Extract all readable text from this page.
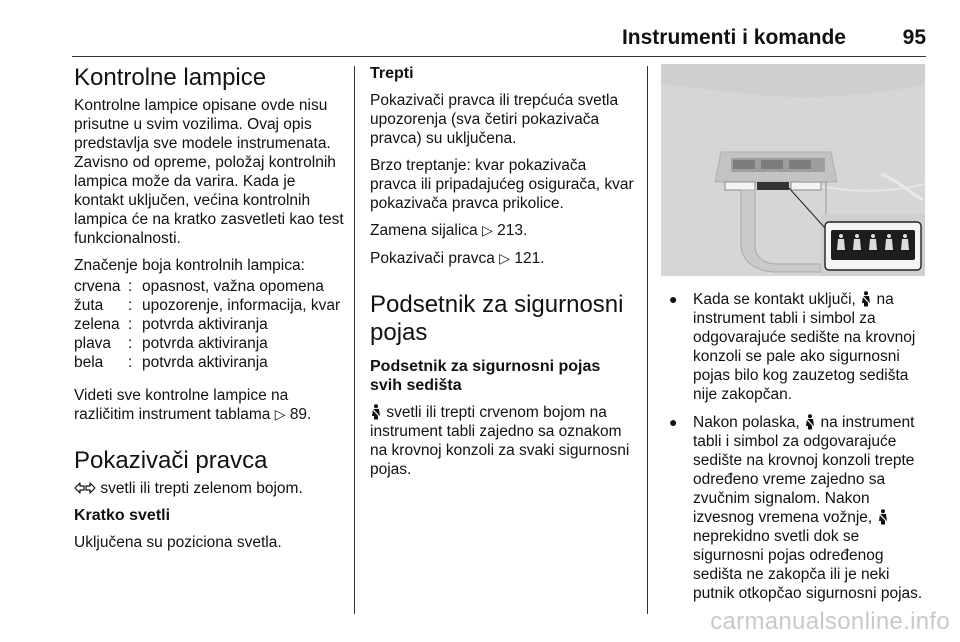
Instrumenti i komande	95
Kontrolne lampice

Kontrolne lampice opisane ovde nisu prisutne u svim vozilima. Ovaj opis predstavlja sve modele instrumenata. Zavisno od opreme, položaj kontrolnih lampica može da varira. Kada je kontakt uključen, većina kontrolnih lampica će na kratko zasvetleti kao test funkcionalnosti.

Značenje boja kontrolnih lampica:

crvena	:	opasnost, važna opomena
žuta	:	upozorenje, informacija, kvar
zelena	:	potvrda aktiviranja
plava	:	potvrda aktiviranja
bela	:	potvrda aktiviranja

Videti sve kontrolne lampice na različitim instrument tablama ▷ 89.

Pokazivači pravca

svetli ili trepti zelenom bojom.

Kratko svetli

Uključena su poziciona svetla.

Trepti

Pokazivači pravca ili trepćuća svetla upozorenja (sva četiri pokazivača pravca) su uključena.

Brzo treptanje: kvar pokazivača pravca ili pripadajućeg osigurača, kvar pokazivača pravca prikolice.

Zamena sijalica ▷ 213.

Pokazivači pravca ▷ 121.

Podsetnik za sigurnosni pojas
Podsetnik za sigurnosni pojas svih sedišta

svetli ili trepti crvenom bojom na instrument tabli zajedno sa oznakom na krovnoj konzoli za svaki sigurnosni pojas.

● Kada se kontakt uključi, na instrument tabli i simbol za odgovarajuće sedište na krovnoj konzoli se pale ako sigurnosni pojas bilo kog zauzetog sedišta nije zakopčan.
● Nakon polaska, na instrument tabli i simbol za odgovarajuće sedište na krovnoj konzoli trepte određeno vreme zajedno sa zvučnim signalom. Nakon izvesnog vremena vožnje,  neprekidno svetli dok se sigurnosni pojas određenog sedišta ne zakopča ili je neki putnik otkopčao sigurnosni pojas.
carmanualsonline.info
